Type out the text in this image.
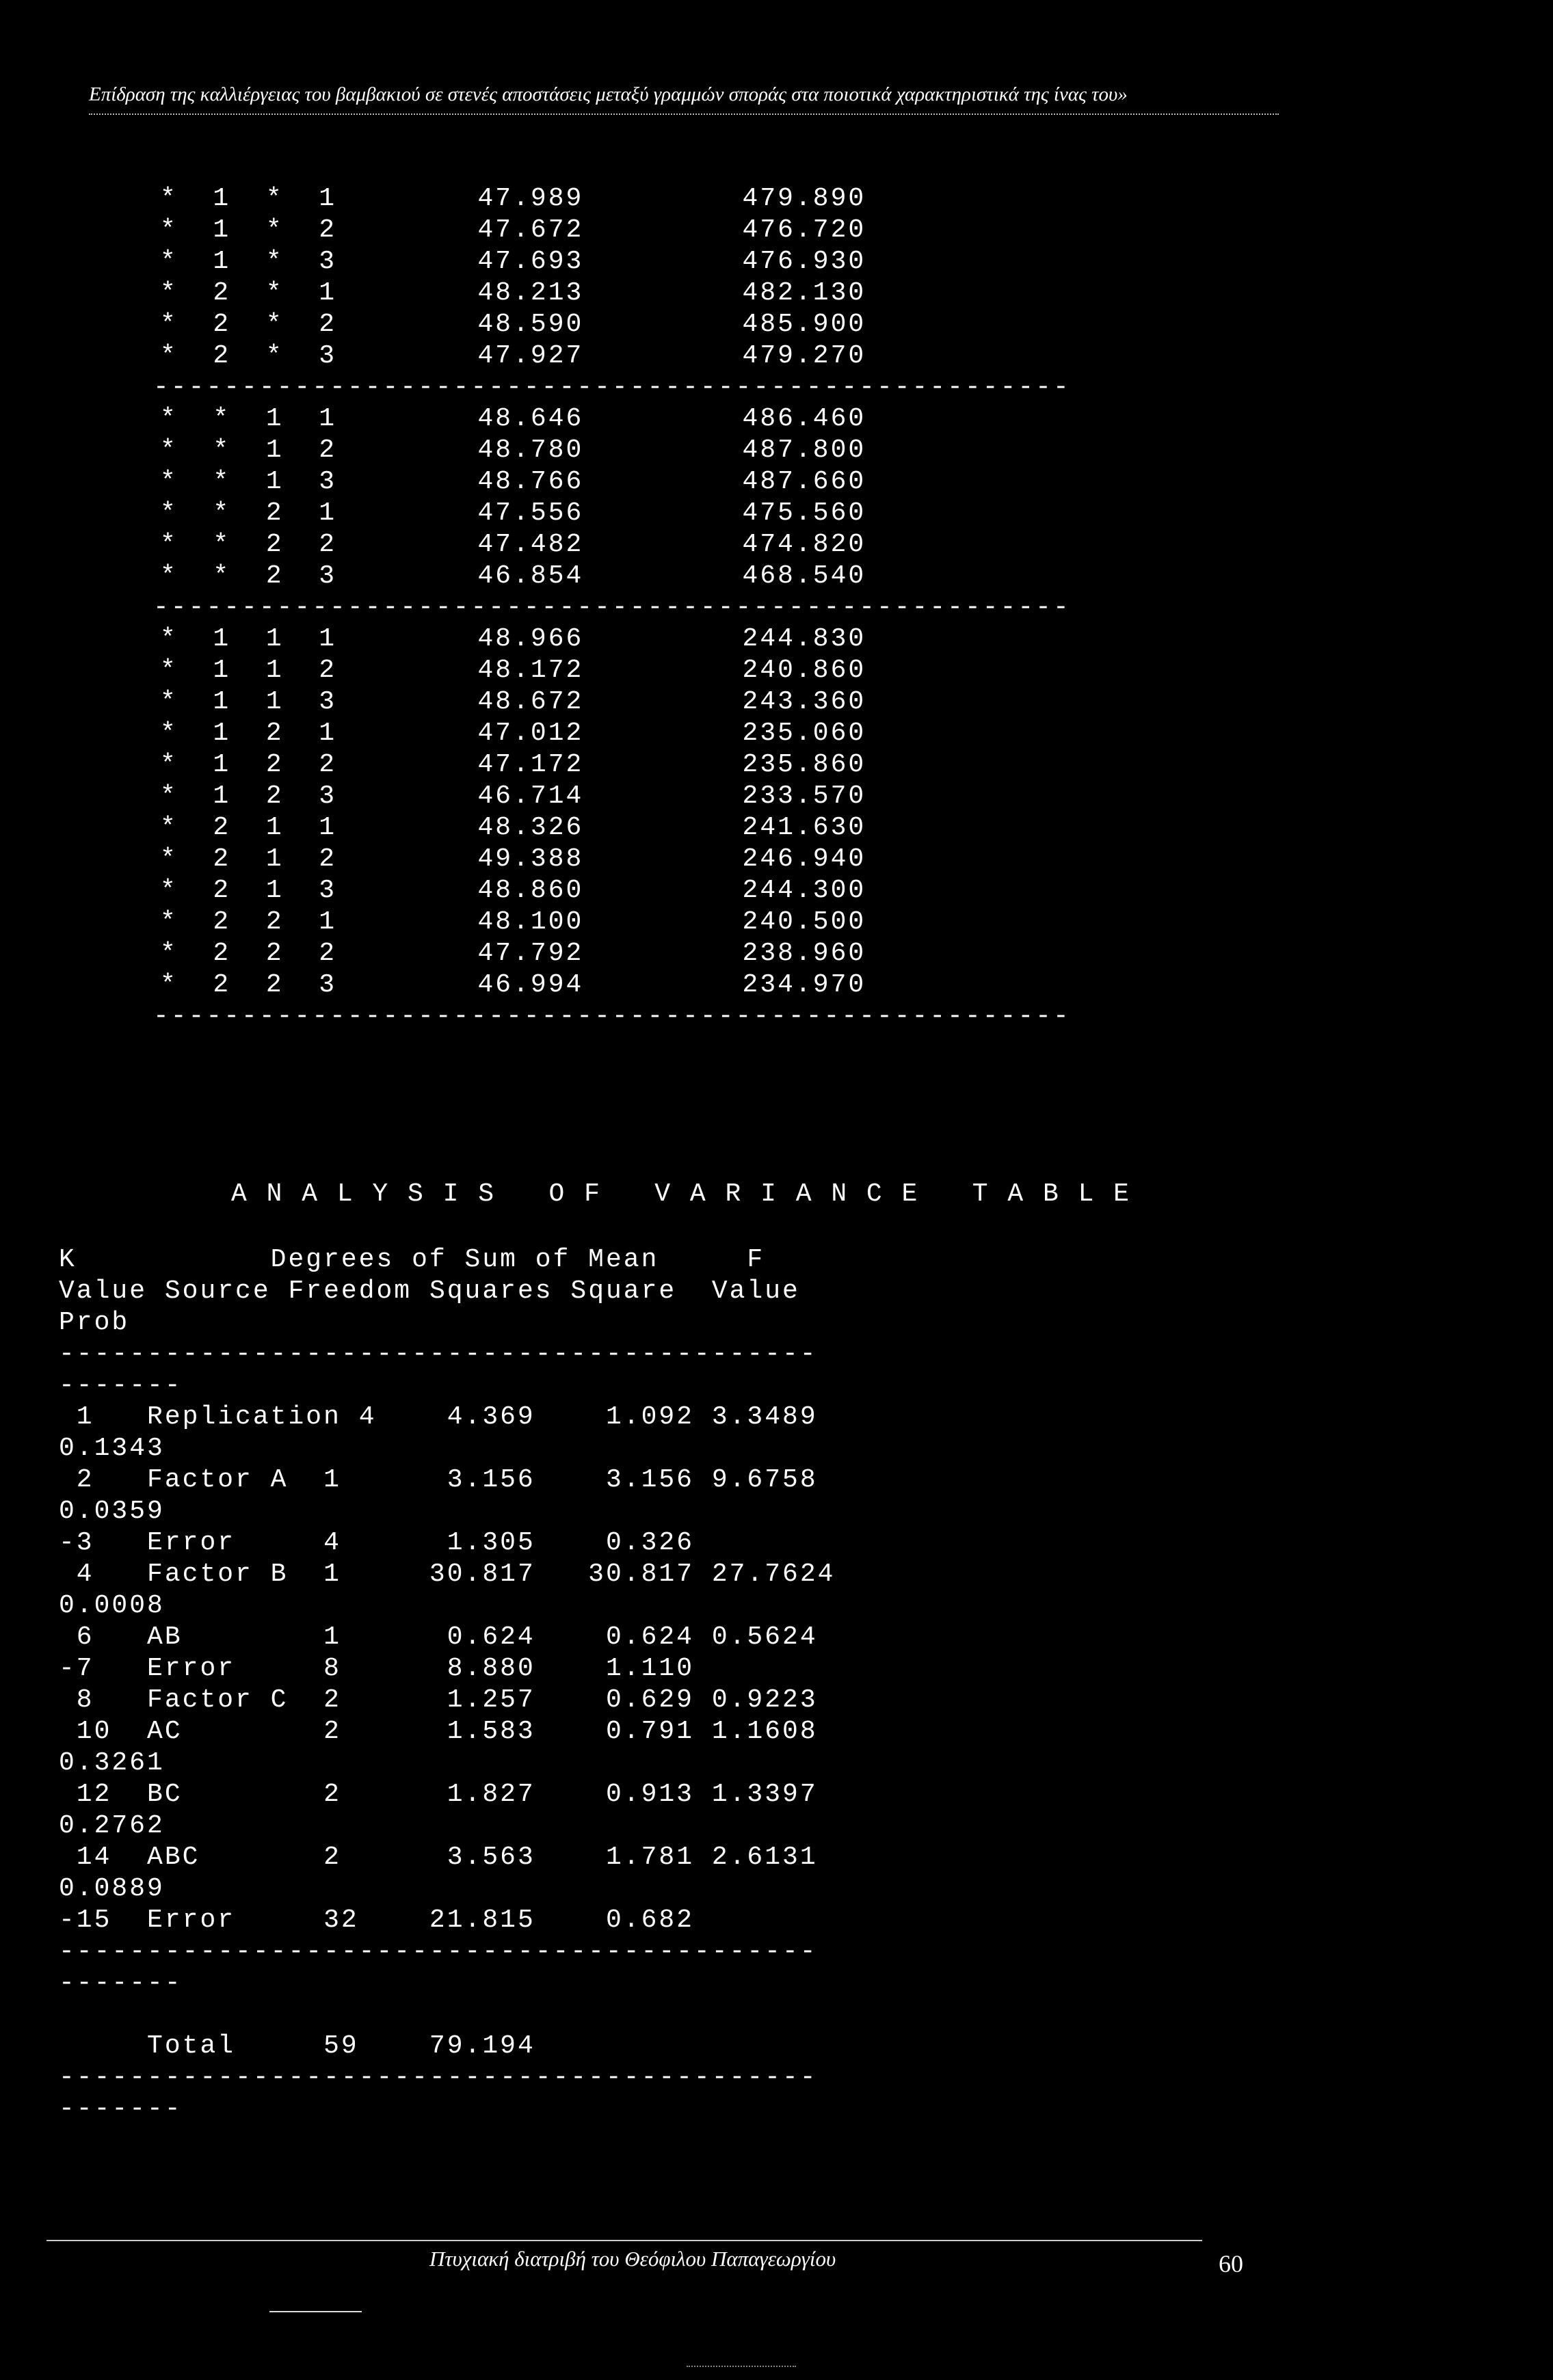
Επίδραση της καλλιέργειας του βαμβακιού σε στενές αποστάσεις μεταξύ γραμμών σποράς στα ποιοτικά χαρακτηριστικά της ίνας του»
*  1  *  1	47.989	479.890
*  1  *  2	47.672	476.720
*  1  *  3	47.693	476.930
*  2  *  1	48.213	482.130
*  2  *  2	48.590	485.900
*  2  *  3	47.927	479.270
----------------------------------------------------
*  *  1  1	48.646	486.460
*  *  1  2	48.780	487.800
*  *  1  3	48.766	487.660
*  *  2  1	47.556	475.560
*  *  2  2	47.482	474.820
*  *  2  3	46.854	468.540
----------------------------------------------------
*  1  1  1	48.966	244.830
*  1  1  2	48.172	240.860
*  1  1  3	48.672	243.360
*  1  2  1	47.012	235.060
*  1  2  2	47.172	235.860
*  1  2  3	46.714	233.570
*  2  1  1	48.326	241.630
*  2  1  2	49.388	246.940
*  2  1  3	48.860	244.300
*  2  2  1	48.100	240.500
*  2  2  2	47.792	238.960
*  2  2  3	46.994	234.970
----------------------------------------------------
A N A L Y S I S   O F   V A R I A N C E   T A B L E
K	Degrees of Sum of Mean	F
Value Source Freedom Squares Square Value
Prob
-------------------------------------------
-------
1 Replication 4	4.369	1.092 3.3489
0.1343
2 Factor A 1	3.156	3.156 9.6758
0.0359
-3 Error	4	1.305	0.326
4 Factor B 1	30.817 30.817 27.7624
0.0008
6 AB	1	0.624	0.624 0.5624
-7 Error	8	8.880	1.110
8 Factor C 2	1.257	0.629 0.9223
10 AC	2	1.583	0.791 1.1608
0.3261
12 BC	2	1.827	0.913 1.3397
0.2762
14 ABC	2	3.563	1.781 2.6131
0.0889
-15 Error	32	21.815	0.682
-------------------------------------------
-------
Total	59	79.194
-------------------------------------------
-------
Πτυχιακή διατριβή του Θεόφιλου Παπαγεωργίου	60
